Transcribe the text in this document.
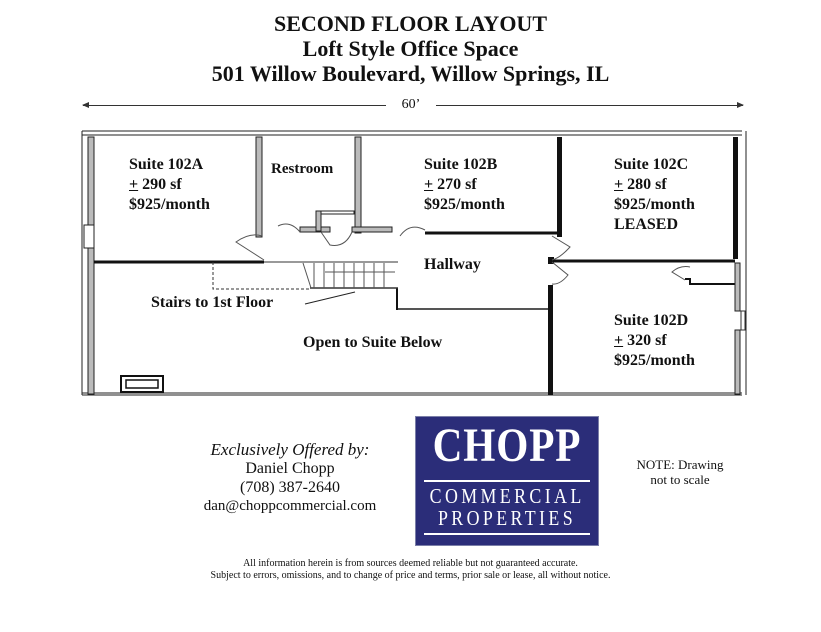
SECOND FLOOR LAYOUT
Loft Style Office Space
501 Willow Boulevard, Willow Springs, IL
60’
Suite 102A
+ 290 sf
$925/month
Restroom	Suite 102B
+ 270 sf
$925/month
Suite 102C
+ 280 sf
$925/month
LEASED
Hallway
Stairs to 1st Floor
Open to Suite Below
Suite 102D
+ 320 sf
$925/month
Exclusively Offered by:
Daniel Chopp
(708) 387-2640
dan@choppcommercial.com
CHOPP
COMMERCIAL
PROPERTIES
NOTE: Drawing
not to scale
All information herein is from sources deemed reliable but not guaranteed accurate.
Subject to errors, omissions, and to change of price and terms, prior sale or lease, all without notice.
